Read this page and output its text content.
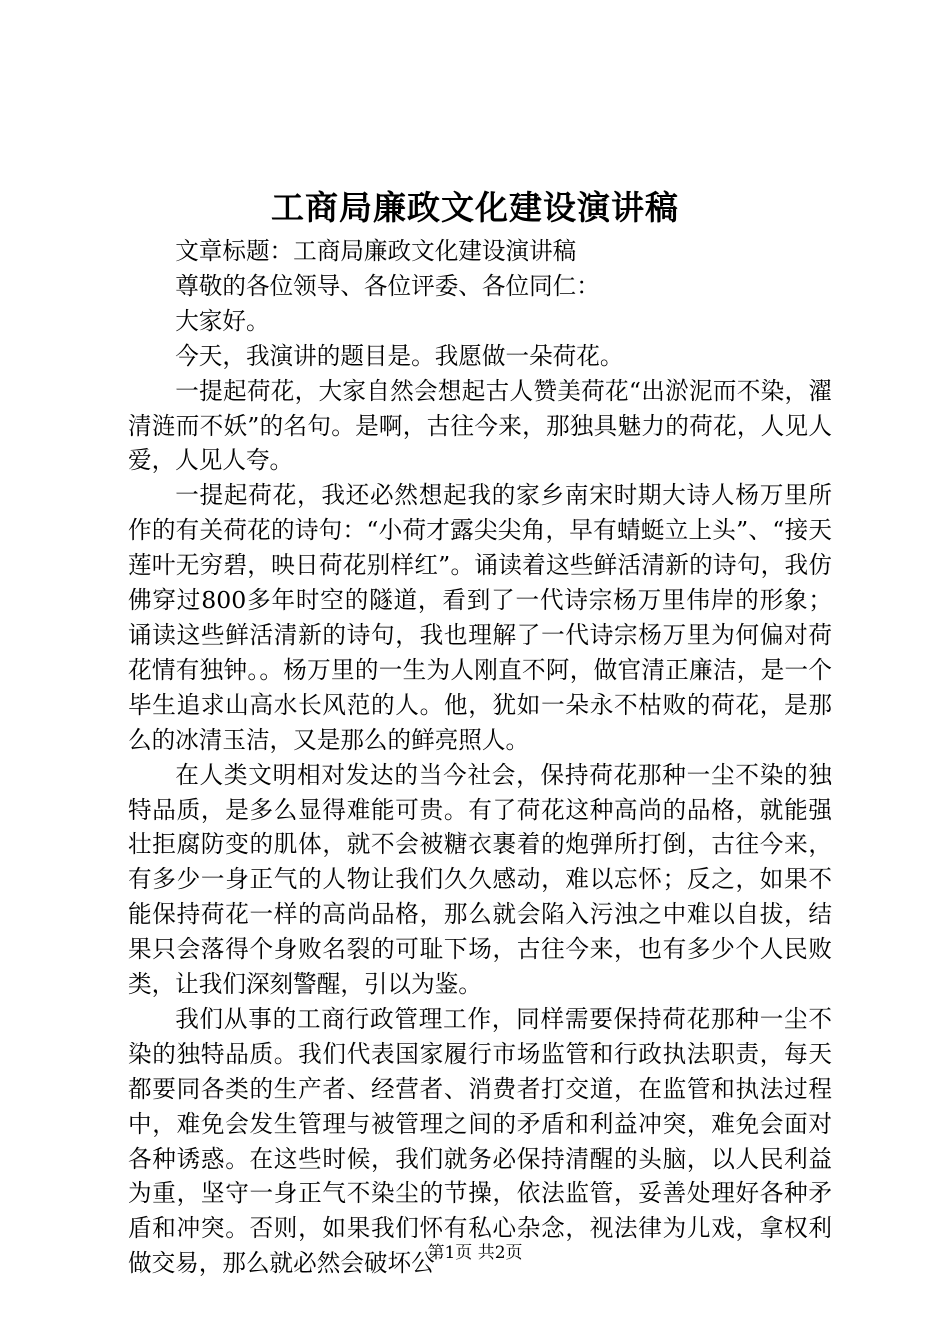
工商局廉政文化建设演讲稿

文章标题：工商局廉政文化建设演讲稿

尊敬的各位领导、各位评委、各位同仁：

大家好。

今天，我演讲的题目是。我愿做一朵荷花。

一提起荷花，大家自然会想起古人赞美荷花“出淤泥而不染，濯清涟而不妖”的名句。是啊，古往今来，那独具魅力的荷花，人见人爱，人见人夸。

一提起荷花，我还必然想起我的家乡南宋时期大诗人杨万里所作的有关荷花的诗句：“小荷才露尖尖角，早有蜻蜓立上头”、“接天莲叶无穷碧，映日荷花别样红”。诵读着这些鲜活清新的诗句，我仿佛穿过800多年时空的隧道，看到了一代诗宗杨万里伟岸的形象；诵读这些鲜活清新的诗句，我也理解了一代诗宗杨万里为何偏对荷花情有独钟。。杨万里的一生为人刚直不阿，做官清正廉洁，是一个毕生追求山高水长风范的人。他，犹如一朵永不枯败的荷花，是那么的冰清玉洁，又是那么的鲜亮照人。

在人类文明相对发达的当今社会，保持荷花那种一尘不染的独特品质，是多么显得难能可贵。有了荷花这种高尚的品格，就能强壮拒腐防变的肌体，就不会被糖衣裹着的炮弹所打倒，古往今来，有多少一身正气的人物让我们久久感动，难以忘怀；反之，如果不能保持荷花一样的高尚品格，那么就会陷入污浊之中难以自拔，结果只会落得个身败名裂的可耻下场，古往今来，也有多少个人民败类，让我们深刻警醒，引以为鉴。

我们从事的工商行政管理工作，同样需要保持荷花那种一尘不染的独特品质。我们代表国家履行市场监管和行政执法职责，每天都要同各类的生产者、经营者、消费者打交道，在监管和执法过程中，难免会发生管理与被管理之间的矛盾和利益冲突，难免会面对各种诱惑。在这些时候，我们就务必保持清醒的头脑，以人民利益为重，坚守一身正气不染尘的节操，依法监管，妥善处理好各种矛盾和冲突。否则，如果我们怀有私心杂念，视法律为儿戏，拿权利做交易，那么就必然会破坏公

第1页 共2页
